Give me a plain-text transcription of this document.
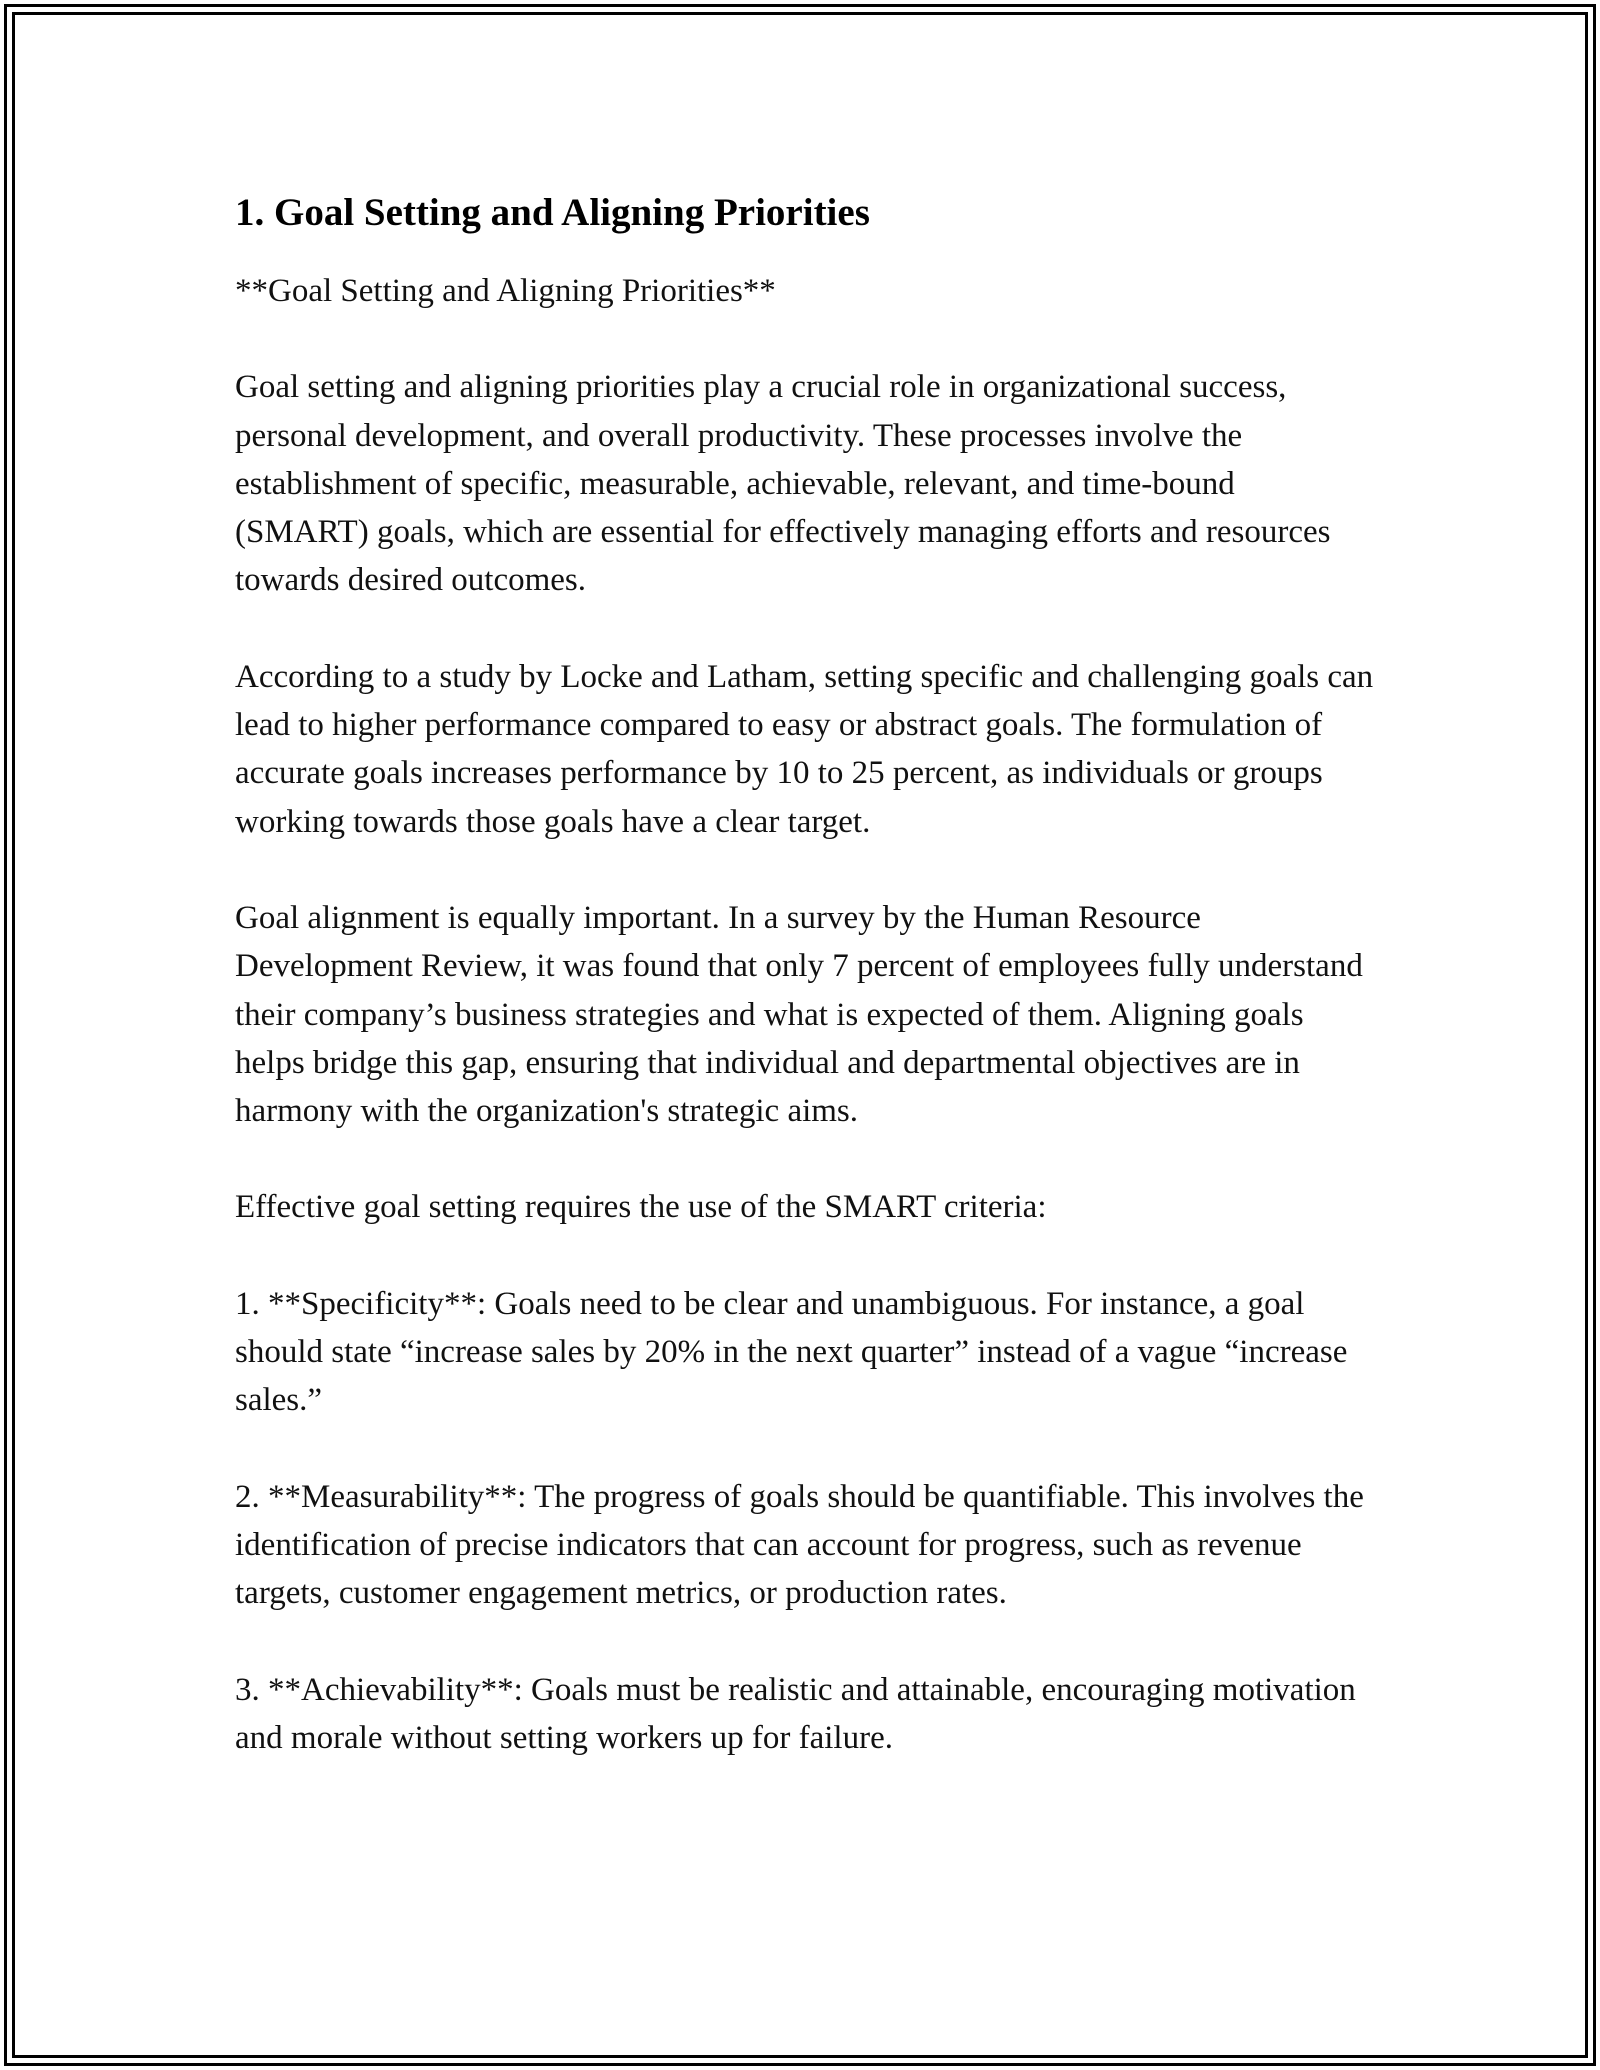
1. Goal Setting and Aligning Priorities

**Goal Setting and Aligning Priorities**

Goal setting and aligning priorities play a crucial role in organizational success, personal development, and overall productivity. These processes involve the establishment of specific, measurable, achievable, relevant, and time-bound (SMART) goals, which are essential for effectively managing efforts and resources towards desired outcomes.

According to a study by Locke and Latham, setting specific and challenging goals can lead to higher performance compared to easy or abstract goals. The formulation of accurate goals increases performance by 10 to 25 percent, as individuals or groups working towards those goals have a clear target.

Goal alignment is equally important. In a survey by the Human Resource Development Review, it was found that only 7 percent of employees fully understand their company’s business strategies and what is expected of them. Aligning goals helps bridge this gap, ensuring that individual and departmental objectives are in harmony with the organization's strategic aims.

Effective goal setting requires the use of the SMART criteria:

1. **Specificity**: Goals need to be clear and unambiguous. For instance, a goal should state “increase sales by 20% in the next quarter” instead of a vague “increase sales.”

2. **Measurability**: The progress of goals should be quantifiable. This involves the identification of precise indicators that can account for progress, such as revenue targets, customer engagement metrics, or production rates.

3. **Achievability**: Goals must be realistic and attainable, encouraging motivation and morale without setting workers up for failure.
